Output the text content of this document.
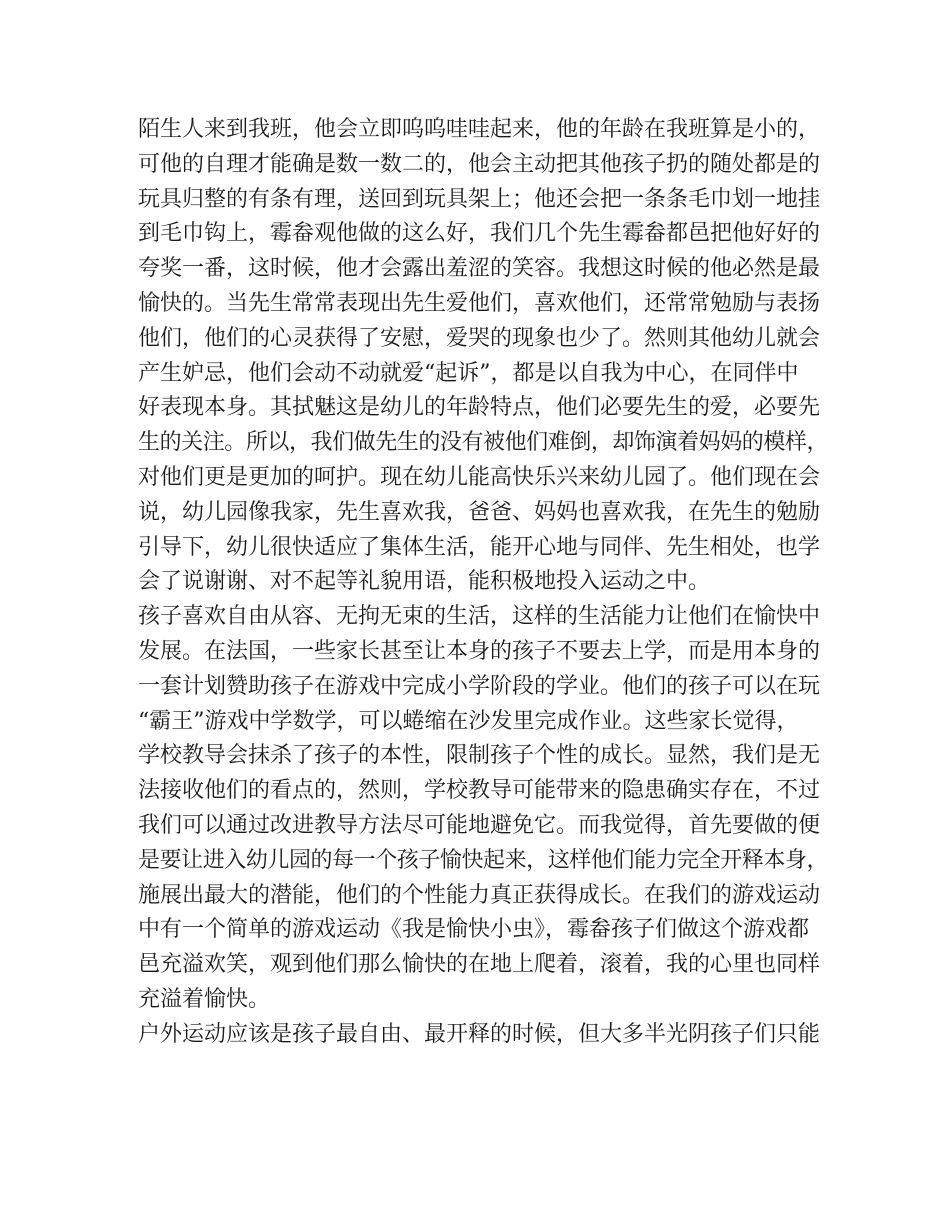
陌生人来到我班，他会立即呜呜哇哇起来，他的年龄在我班算是小的，
可他的自理才能确是数一数二的，他会主动把其他孩子扔的随处都是的
玩具归整的有条有理，送回到玩具架上；他还会把一条条毛巾划一地挂
到毛巾钩上，霉畚观他做的这么好，我们几个先生霉畚都邑把他好好的
夸奖一番，这时候，他才会露出羞涩的笑容。我想这时候的他必然是最
愉快的。当先生常常表现出先生爱他们，喜欢他们，还常常勉励与表扬
他们，他们的心灵获得了安慰，爱哭的现象也少了。然则其他幼儿就会
产生妒忌，他们会动不动就爱“起诉”，都是以自我为中心，在同伴中
好表现本身。其拭魅这是幼儿的年龄特点，他们必要先生的爱，必要先
生的关注。所以，我们做先生的没有被他们难倒，却饰演着妈妈的模样，
对他们更是更加的呵护。现在幼儿能高快乐兴来幼儿园了。他们现在会
说，幼儿园像我家，先生喜欢我，爸爸、妈妈也喜欢我，在先生的勉励
引导下，幼儿很快适应了集体生活，能开心地与同伴、先生相处，也学
会了说谢谢、对不起等礼貌用语，能积极地投入运动之中。
孩子喜欢自由从容、无拘无束的生活，这样的生活能力让他们在愉快中
发展。在法国，一些家长甚至让本身的孩子不要去上学，而是用本身的
一套计划赞助孩子在游戏中完成小学阶段的学业。他们的孩子可以在玩
“霸王”游戏中学数学，可以蜷缩在沙发里完成作业。这些家长觉得，
学校教导会抹杀了孩子的本性，限制孩子个性的成长。显然，我们是无
法接收他们的看点的，然则，学校教导可能带来的隐患确实存在，不过
我们可以通过改进教导方法尽可能地避免它。而我觉得，首先要做的便
是要让进入幼儿园的每一个孩子愉快起来，这样他们能力完全开释本身，
施展出最大的潜能，他们的个性能力真正获得成长。在我们的游戏运动
中有一个简单的游戏运动《我是愉快小虫》，霉畚孩子们做这个游戏都
邑充溢欢笑，观到他们那么愉快的在地上爬着，滚着，我的心里也同样
充溢着愉快。
户外运动应该是孩子最自由、最开释的时候，但大多半光阴孩子们只能
